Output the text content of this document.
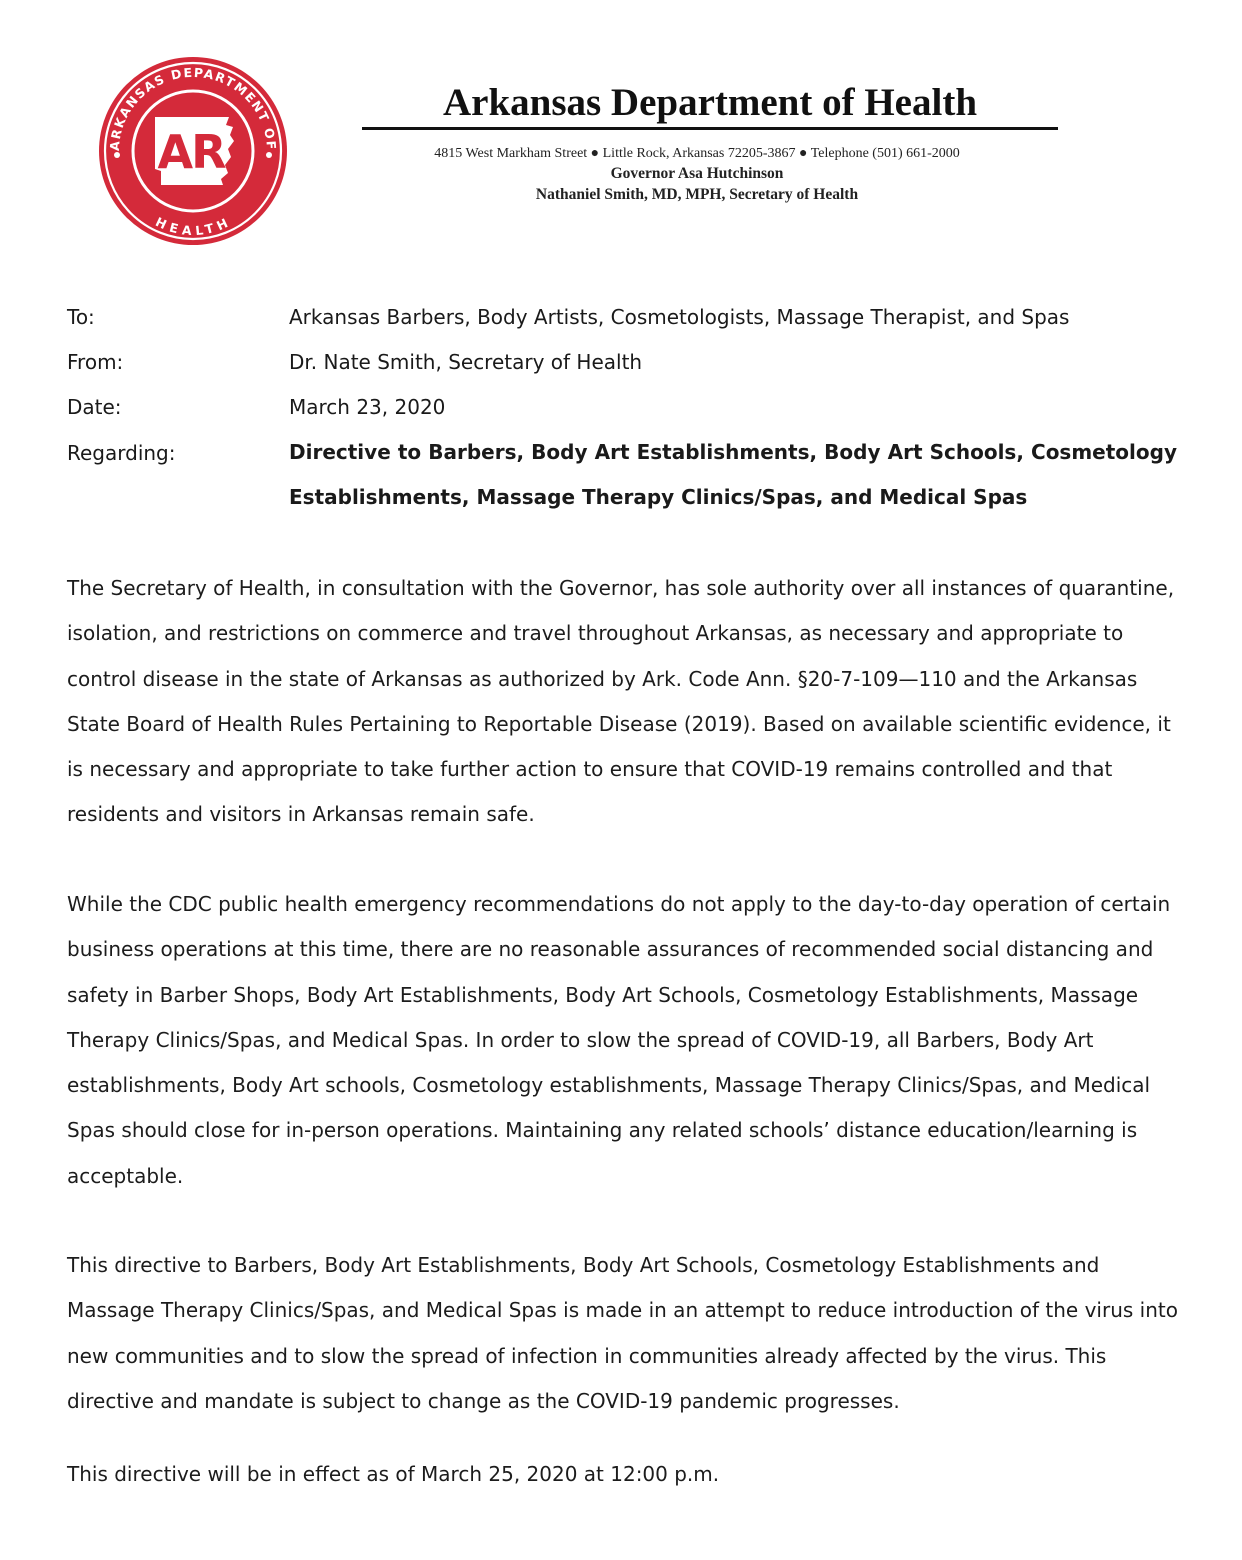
ARKANSAS DEPARTMENT OF
HEALTH
AR
Arkansas Department of Health
4815 West Markham Street ● Little Rock, Arkansas 72205-3867 ● Telephone (501) 661-2000
Governor Asa Hutchinson
Nathaniel Smith, MD, MPH, Secretary of Health
To:	Arkansas Barbers, Body Artists, Cosmetologists, Massage Therapist, and Spas
From:	Dr. Nate Smith, Secretary of Health
Date:	March 23, 2020
Regarding:	Directive to Barbers, Body Art Establishments, Body Art Schools, Cosmetology Establishments, Massage Therapy Clinics/Spas, and Medical Spas

The Secretary of Health, in consultation with the Governor, has sole authority over all instances of quarantine, isolation, and restrictions on commerce and travel throughout Arkansas, as necessary and appropriate to control disease in the state of Arkansas as authorized by Ark. Code Ann. §20-7-109—110 and the Arkansas State Board of Health Rules Pertaining to Reportable Disease (2019). Based on available scientific evidence, it is necessary and appropriate to take further action to ensure that COVID-19 remains controlled and that residents and visitors in Arkansas remain safe.

While the CDC public health emergency recommendations do not apply to the day-to-day operation of certain business operations at this time, there are no reasonable assurances of recommended social distancing and safety in Barber Shops, Body Art Establishments, Body Art Schools, Cosmetology Establishments, Massage Therapy Clinics/Spas, and Medical Spas. In order to slow the spread of COVID-19, all Barbers, Body Art establishments, Body Art schools, Cosmetology establishments, Massage Therapy Clinics/Spas, and Medical Spas should close for in-person operations. Maintaining any related schools’ distance education/learning is acceptable.

This directive to Barbers, Body Art Establishments, Body Art Schools, Cosmetology Establishments and Massage Therapy Clinics/Spas, and Medical Spas is made in an attempt to reduce introduction of the virus into new communities and to slow the spread of infection in communities already affected by the virus. This directive and mandate is subject to change as the COVID-19 pandemic progresses.

This directive will be in effect as of March 25, 2020 at 12:00 p.m.
